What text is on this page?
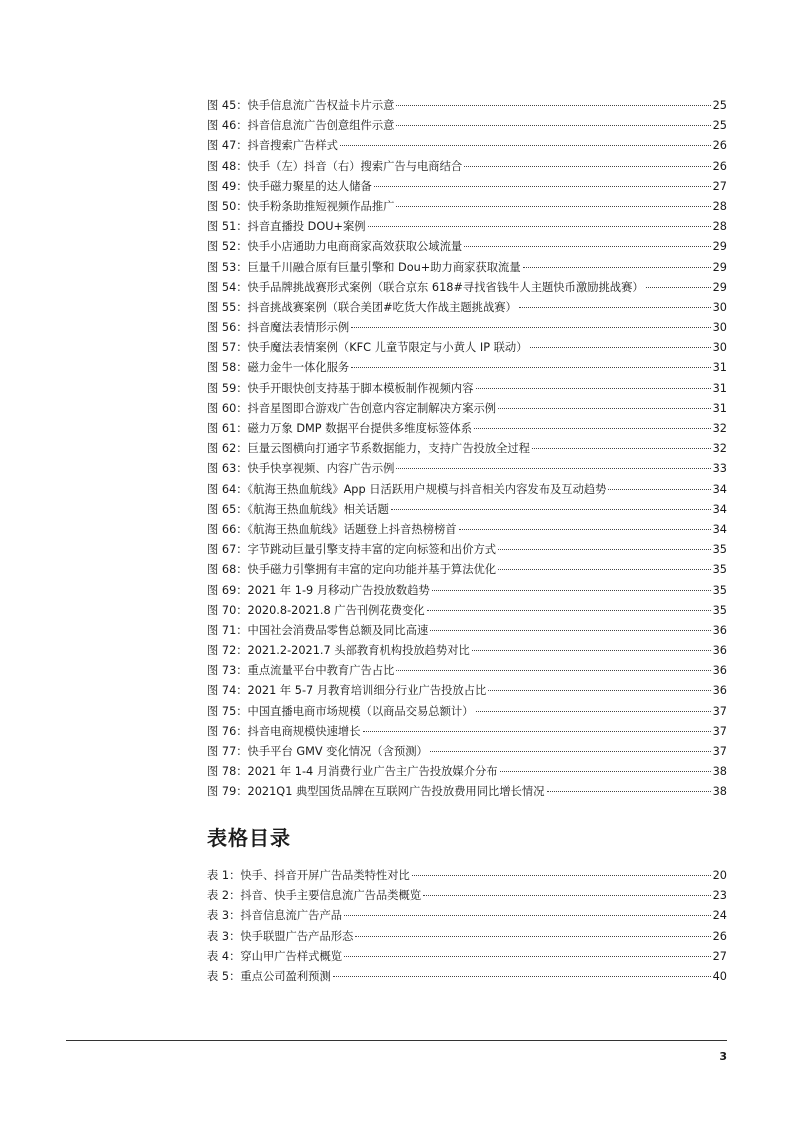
图 45：快手信息流广告权益卡片示意	25
图 46：抖音信息流广告创意组件示意	25
图 47：抖音搜索广告样式	26
图 48：快手（左）抖音（右）搜索广告与电商结合	26
图 49：快手磁力聚星的达人储备	27
图 50：快手粉条助推短视频作品推广	28
图 51：抖音直播投 DOU+案例	28
图 52：快手小店通助力电商商家高效获取公域流量	29
图 53：巨量千川融合原有巨量引擎和 Dou+助力商家获取流量	29
图 54：快手品牌挑战赛形式案例（联合京东 618#寻找省钱牛人主题快币激励挑战赛）	29
图 55：抖音挑战赛案例（联合美团#吃货大作战主题挑战赛）	30
图 56：抖音魔法表情形示例	30
图 57：快手魔法表情案例（KFC 儿童节限定与小黄人 IP 联动）	30
图 58：磁力金牛一体化服务	31
图 59：快手开眼快创支持基于脚本模板制作视频内容	31
图 60：抖音星图即合游戏广告创意内容定制解决方案示例	31
图 61：磁力万象 DMP 数据平台提供多维度标签体系	32
图 62：巨量云图横向打通字节系数据能力，支持广告投放全过程	32
图 63：快手快享视频、内容广告示例	33
图 64：《航海王热血航线》App 日活跃用户规模与抖音相关内容发布及互动趋势	34
图 65：《航海王热血航线》相关话题	34
图 66：《航海王热血航线》话题登上抖音热榜榜首	34
图 67：字节跳动巨量引擎支持丰富的定向标签和出价方式	35
图 68：快手磁力引擎拥有丰富的定向功能并基于算法优化	35
图 69：2021 年 1-9 月移动广告投放数趋势	35
图 70：2020.8-2021.8 广告刊例花费变化	35
图 71：中国社会消费品零售总额及同比高速	36
图 72：2021.2-2021.7 头部教育机构投放趋势对比	36
图 73：重点流量平台中教育广告占比	36
图 74：2021 年 5-7 月教育培训细分行业广告投放占比	36
图 75：中国直播电商市场规模（以商品交易总额计）	37
图 76：抖音电商规模快速增长	37
图 77：快手平台 GMV 变化情况（含预测）	37
图 78：2021 年 1-4 月消费行业广告主广告投放媒介分布	38
图 79：2021Q1 典型国货品牌在互联网广告投放费用同比增长情况	38
表格目录
表 1：快手、抖音开屏广告品类特性对比	20
表 2：抖音、快手主要信息流广告品类概览	23
表 3：抖音信息流广告产品	24
表 3：快手联盟广告产品形态	26
表 4：穿山甲广告样式概览	27
表 5：重点公司盈利预测	40
3
